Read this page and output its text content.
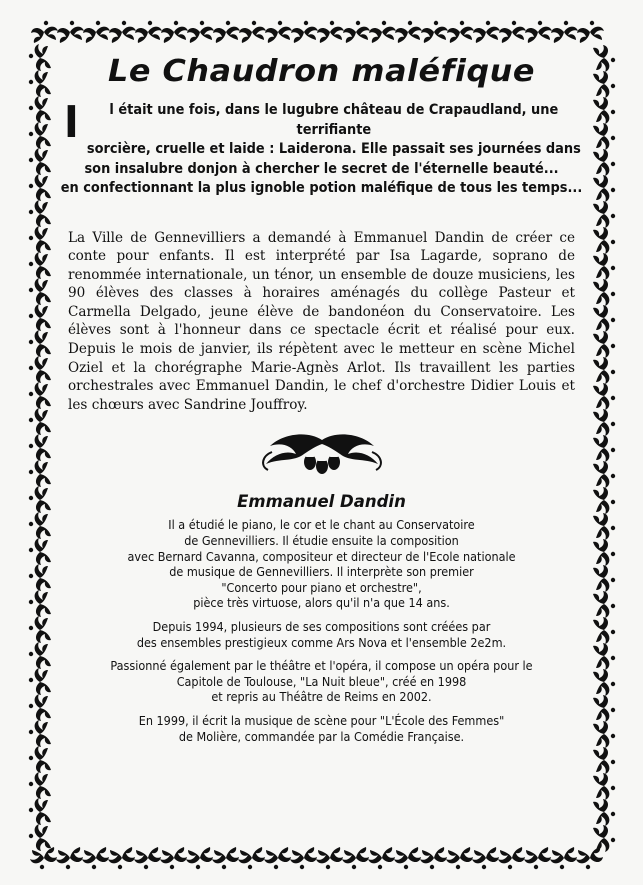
Le Chaudron maléfique
I l était une fois, dans le lugubre château de Crapaudland, une terrifiante
sorcière, cruelle et laide : Laiderona. Elle passait ses journées dans
son insalubre donjon à chercher le secret de l'éternelle beauté...
en confectionnant la plus ignoble potion maléfique de tous les temps...

La Ville de Gennevilliers a demandé à Emmanuel Dandin de créer ce conte pour enfants. Il est interprété par Isa Lagarde, soprano de renommée internationale, un ténor, un ensemble de douze musiciens, les 90 élèves des classes à horaires aménagés du collège Pasteur et Carmella Delgado, jeune élève de bandonéon du Conservatoire. Les élèves sont à l'honneur dans ce spectacle écrit et réalisé pour eux. Depuis le mois de janvier, ils répètent avec le metteur en scène Michel Oziel et la chorégraphe Marie-Agnès Arlot. Ils travaillent les parties orchestrales avec Emmanuel Dandin, le chef d'orchestre Didier Louis et les chœurs avec Sandrine Jouffroy.

Emmanuel Dandin
Il a étudié le piano, le cor et le chant au Conservatoire
de Gennevilliers. Il étudie ensuite la composition
avec Bernard Cavanna, compositeur et directeur de l'Ecole nationale
de musique de Gennevilliers. Il interprète son premier
"Concerto pour piano et orchestre",
pièce très virtuose, alors qu'il n'a que 14 ans.
Depuis 1994, plusieurs de ses compositions sont créées par
des ensembles prestigieux comme Ars Nova et l'ensemble 2e2m.
Passionné également par le théâtre et l'opéra, il compose un opéra pour le
Capitole de Toulouse, "La Nuit bleue", créé en 1998
et repris au Théâtre de Reims en 2002.
En 1999, il écrit la musique de scène pour "L'École des Femmes"
de Molière, commandée par la Comédie Française.
